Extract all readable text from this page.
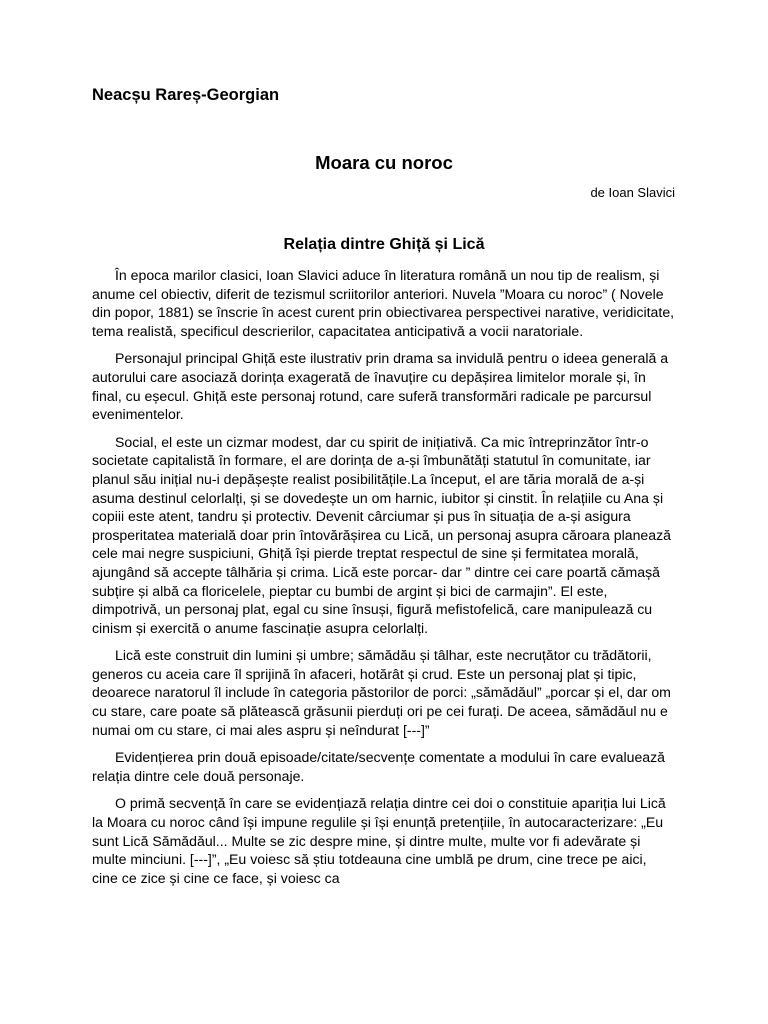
Neacșu Rareș-Georgian
Moara cu noroc
de Ioan Slavici
Relația dintre Ghiță și Lică

În epoca marilor clasici, Ioan Slavici aduce în literatura română un nou tip de realism, și anume cel obiectiv, diferit de tezismul scriitorilor anteriori. Nuvela ”Moara cu noroc” ( Novele din popor, 1881) se înscrie în acest curent prin obiectivarea perspectivei narative, veridicitate, tema realistă, specificul descrierilor, capacitatea anticipativă a vocii naratoriale.

Personajul principal Ghiță este ilustrativ prin drama sa invidulă pentru o ideea generală a autorului care asociază dorința exagerată de înavuțire cu depășirea limitelor morale și, în final, cu eșecul. Ghiță este personaj rotund, care suferă transformări radicale pe parcursul evenimentelor.

Social, el este un cizmar modest, dar cu spirit de inițiativă. Ca mic întreprinzător într-o societate capitalistă în formare, el are dorința de a-și îmbunătăți statutul în comunitate, iar planul său inițial nu-i depășește realist posibilitățile.La început, el are tăria morală de a-și asuma destinul celorlalți, și se dovedește un om harnic, iubitor și cinstit. În relațiile cu Ana și copiii este atent, tandru și protectiv. Devenit cârciumar și pus în situația de a-și asigura prosperitatea materială doar prin întovărășirea cu Lică, un personaj asupra căroara planează cele mai negre suspiciuni, Ghiță își pierde treptat respectul de sine și fermitatea morală, ajungând să accepte tâlhăria și crima. Lică este porcar- dar ” dintre cei care poartă cămașă subțire și albă ca floricelele, pieptar cu bumbi de argint și bici de carmajin”. El este, dimpotrivă, un personaj plat, egal cu sine însuși, figură mefistofelică, care manipulează cu cinism și exercită o anume fascinație asupra celorlalți.

Lică este construit din lumini și umbre; sămădău și tâlhar, este necruțător cu trădătorii, generos cu aceia care îl sprijină în afaceri, hotărât și crud. Este un personaj plat și tipic, deoarece naratorul îl include în categoria păstorilor de porci: „sămădăul” „porcar și el, dar om cu stare, care poate să plătească grăsunii pierduți ori pe cei furați. De aceea, sămădăul nu e numai om cu stare, ci mai ales aspru și neîndurat [---]”

Evidențierea prin două episoade/citate/secvențe comentate a modului în care evaluează relația dintre cele două personaje.

O primă secvență în care se evidențiază relația dintre cei doi o constituie apariția lui Lică la Moara cu noroc când își impune regulile și își enunță pretențiile, în autocaracterizare: „Eu sunt Lică Sămădăul... Multe se zic despre mine, și dintre multe, multe vor fi adevărate și multe minciuni. [---]”, „Eu voiesc să știu totdeauna cine umblă pe drum, cine trece pe aici, cine ce zice și cine ce face, și voiesc ca
